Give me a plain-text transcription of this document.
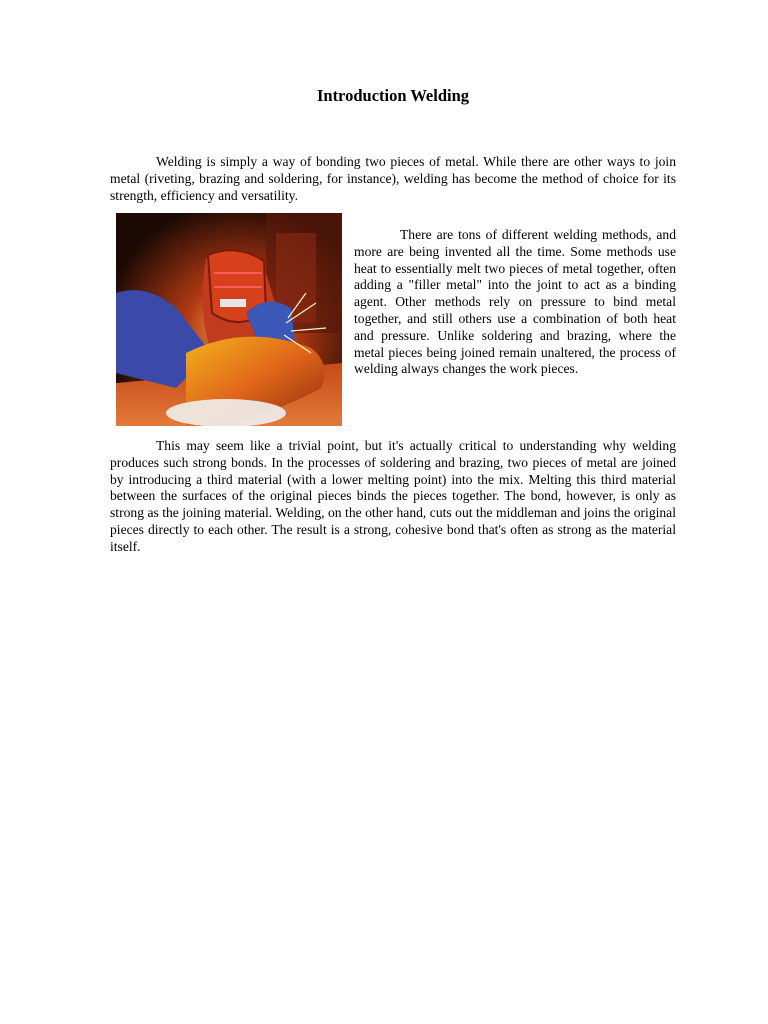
Introduction Welding

Welding is simply a way of bonding two pieces of metal. While there are other ways to join metal (riveting, brazing and soldering, for instance), welding has become the method of choice for its strength, efficiency and versatility.

There are tons of different welding methods, and more are being invented all the time. Some methods use heat to essentially melt two pieces of metal together, often adding a "filler metal" into the joint to act as a binding agent. Other methods rely on pressure to bind metal together, and still others use a combination of both heat and pressure. Unlike soldering and brazing, where the metal pieces being joined remain unaltered, the process of welding always changes the work pieces.

This may seem like a trivial point, but it's actually critical to understanding why welding produces such strong bonds. In the processes of soldering and brazing, two pieces of metal are joined by introducing a third material (with a lower melting point) into the mix. Melting this third material between the surfaces of the original pieces binds the pieces together. The bond, however, is only as strong as the joining material. Welding, on the other hand, cuts out the middleman and joins the original pieces directly to each other. The result is a strong, cohesive bond that's often as strong as the material itself.
